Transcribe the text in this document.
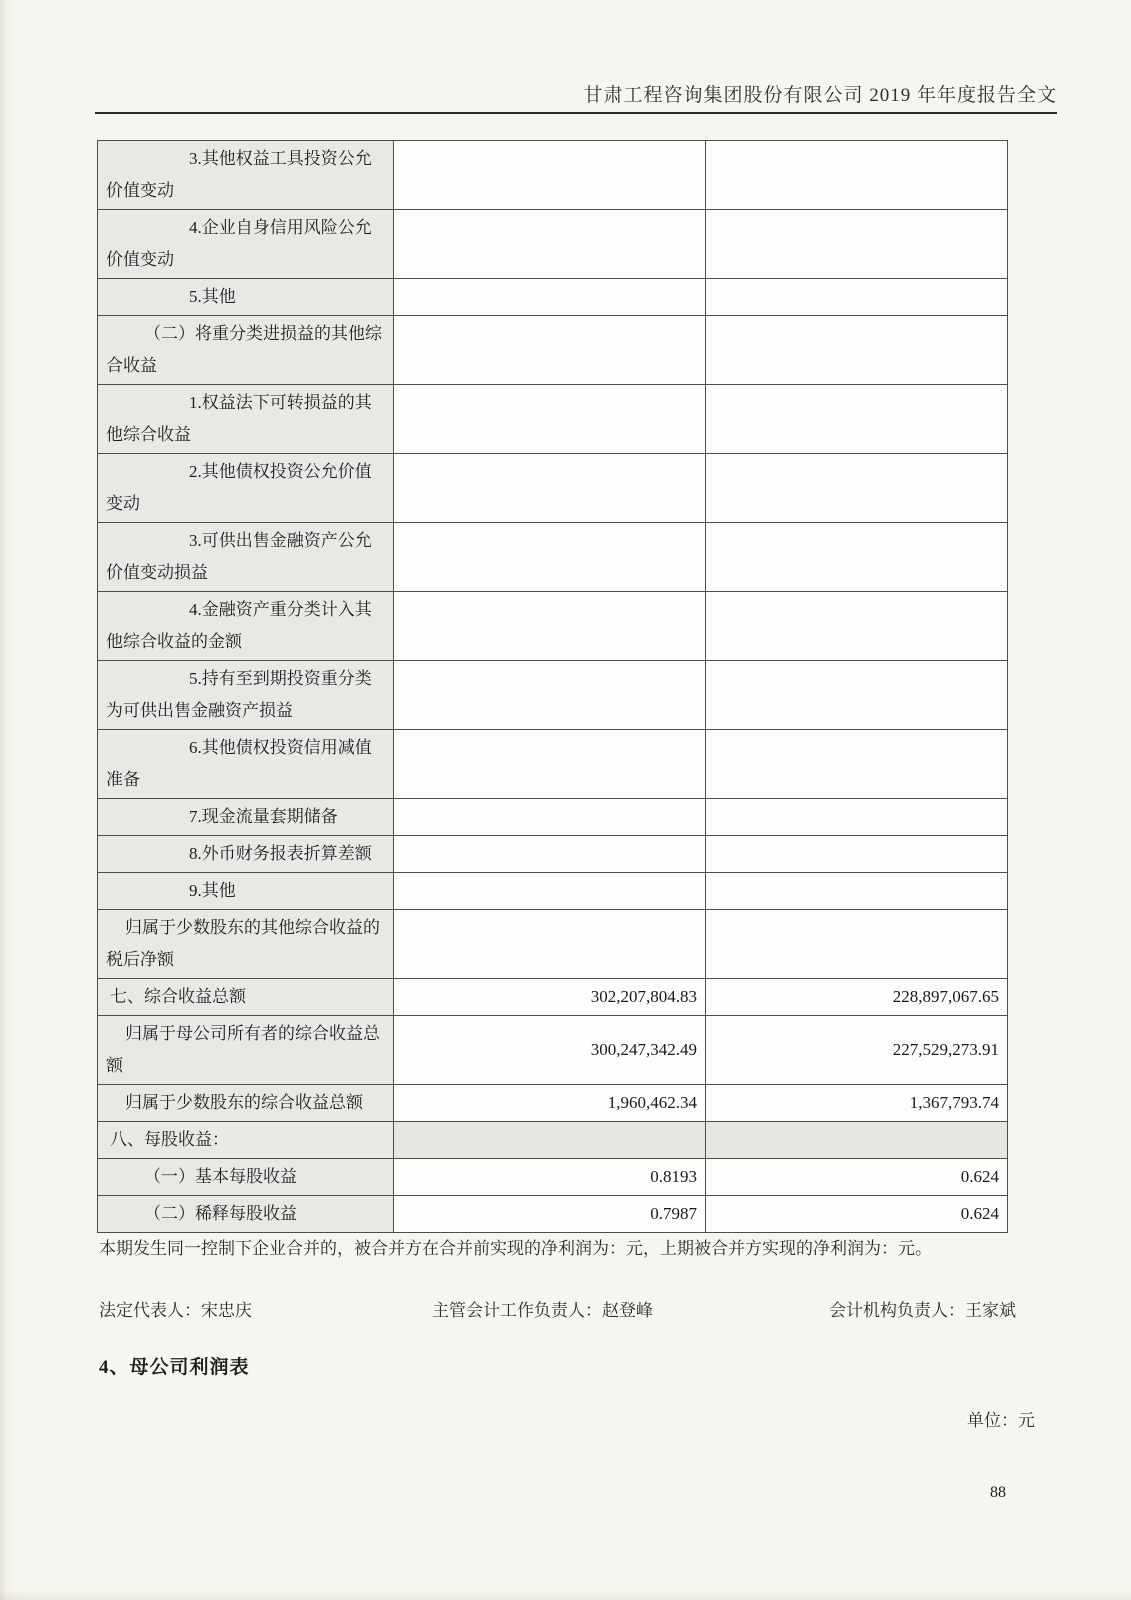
甘肃工程咨询集团股份有限公司 2019 年年度报告全文
3.其他权益工具投资公允价值变动		
4.企业自身信用风险公允价值变动		
5.其他		
（二）将重分类进损益的其他综合收益		
1.权益法下可转损益的其他综合收益		
2.其他债权投资公允价值变动		
3.可供出售金融资产公允价值变动损益		
4.金融资产重分类计入其他综合收益的金额		
5.持有至到期投资重分类为可供出售金融资产损益		
6.其他债权投资信用减值准备		
7.现金流量套期储备		
8.外币财务报表折算差额		
9.其他		
归属于少数股东的其他综合收益的税后净额		
七、综合收益总额	302,207,804.83	228,897,067.65
归属于母公司所有者的综合收益总额	300,247,342.49	227,529,273.91
归属于少数股东的综合收益总额	1,960,462.34	1,367,793.74
八、每股收益：		
（一）基本每股收益	0.8193	0.624
（二）稀释每股收益	0.7987	0.624
本期发生同一控制下企业合并的，被合并方在合并前实现的净利润为：元，上期被合并方实现的净利润为：元。
法定代表人：宋忠庆	主管会计工作负责人：赵登峰	会计机构负责人：王家斌
4、母公司利润表
单位：元
88
